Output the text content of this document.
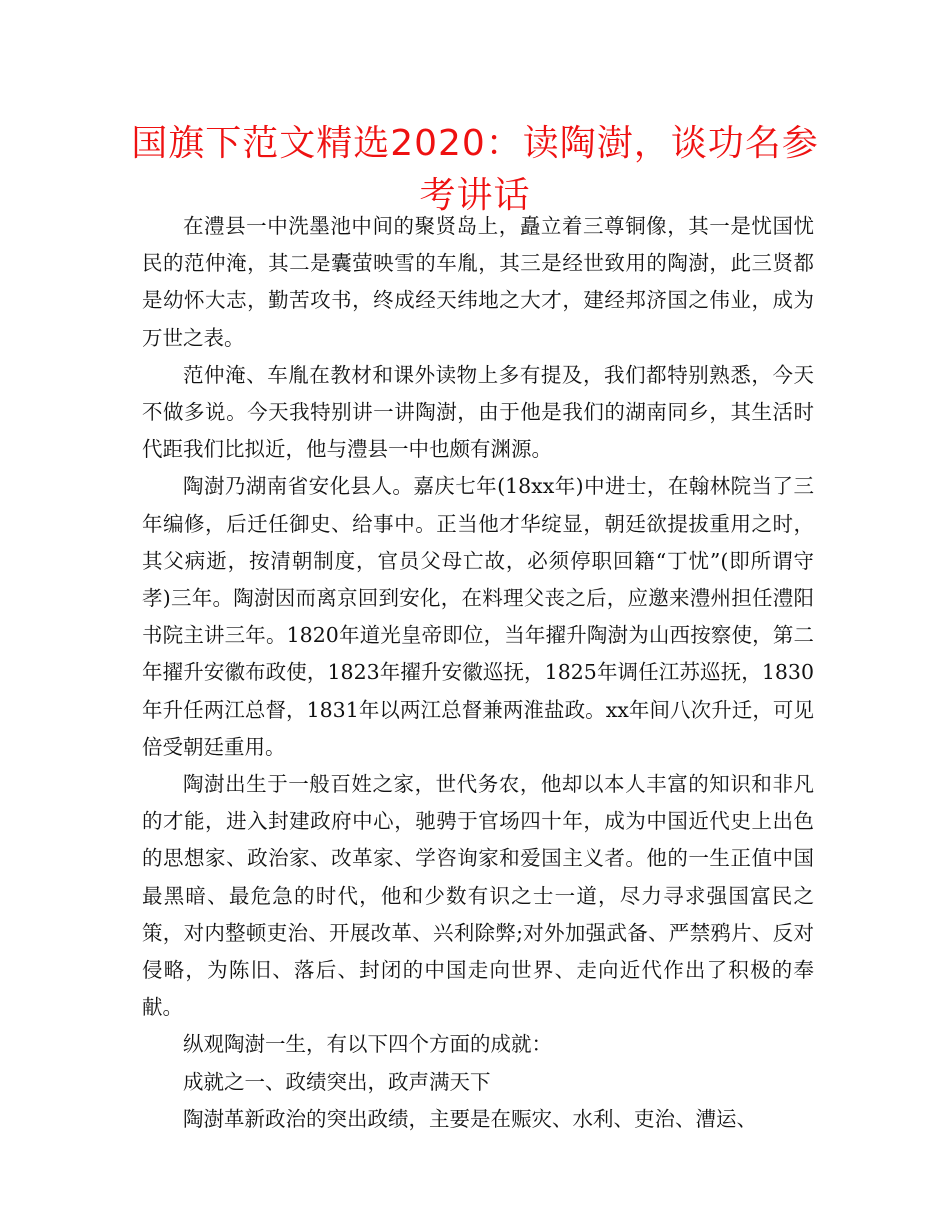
国旗下范文精选2020：读陶澍，谈功名参考讲话

在澧县一中洗墨池中间的聚贤岛上，矗立着三尊铜像，其一是忧国忧民的范仲淹，其二是囊萤映雪的车胤，其三是经世致用的陶澍，此三贤都是幼怀大志，勤苦攻书，终成经天纬地之大才，建经邦济国之伟业，成为万世之表。

范仲淹、车胤在教材和课外读物上多有提及，我们都特别熟悉，今天不做多说。今天我特别讲一讲陶澍，由于他是我们的湖南同乡，其生活时代距我们比拟近，他与澧县一中也颇有渊源。

陶澍乃湖南省安化县人。嘉庆七年(18xx年)中进士，在翰林院当了三年编修，后迁任御史、给事中。正当他才华绽显，朝廷欲提拔重用之时，其父病逝，按清朝制度，官员父母亡故，必须停职回籍“丁忧”(即所谓守孝)三年。陶澍因而离京回到安化，在料理父丧之后，应邀来澧州担任澧阳书院主讲三年。1820年道光皇帝即位，当年擢升陶澍为山西按察使，第二年擢升安徽布政使，1823年擢升安徽巡抚，1825年调任江苏巡抚，1830年升任两江总督，1831年以两江总督兼两淮盐政。xx年间八次升迁，可见倍受朝廷重用。

陶澍出生于一般百姓之家，世代务农，他却以本人丰富的知识和非凡的才能，进入封建政府中心，驰骋于官场四十年，成为中国近代史上出色的思想家、政治家、改革家、学咨询家和爱国主义者。他的一生正值中国最黑暗、最危急的时代，他和少数有识之士一道，尽力寻求强国富民之策，对内整顿吏治、开展改革、兴利除弊;对外加强武备、严禁鸦片、反对侵略，为陈旧、落后、封闭的中国走向世界、走向近代作出了积极的奉献。

纵观陶澍一生，有以下四个方面的成就：

成就之一、政绩突出，政声满天下

陶澍革新政治的突出政绩，主要是在赈灾、水利、吏治、漕运、
